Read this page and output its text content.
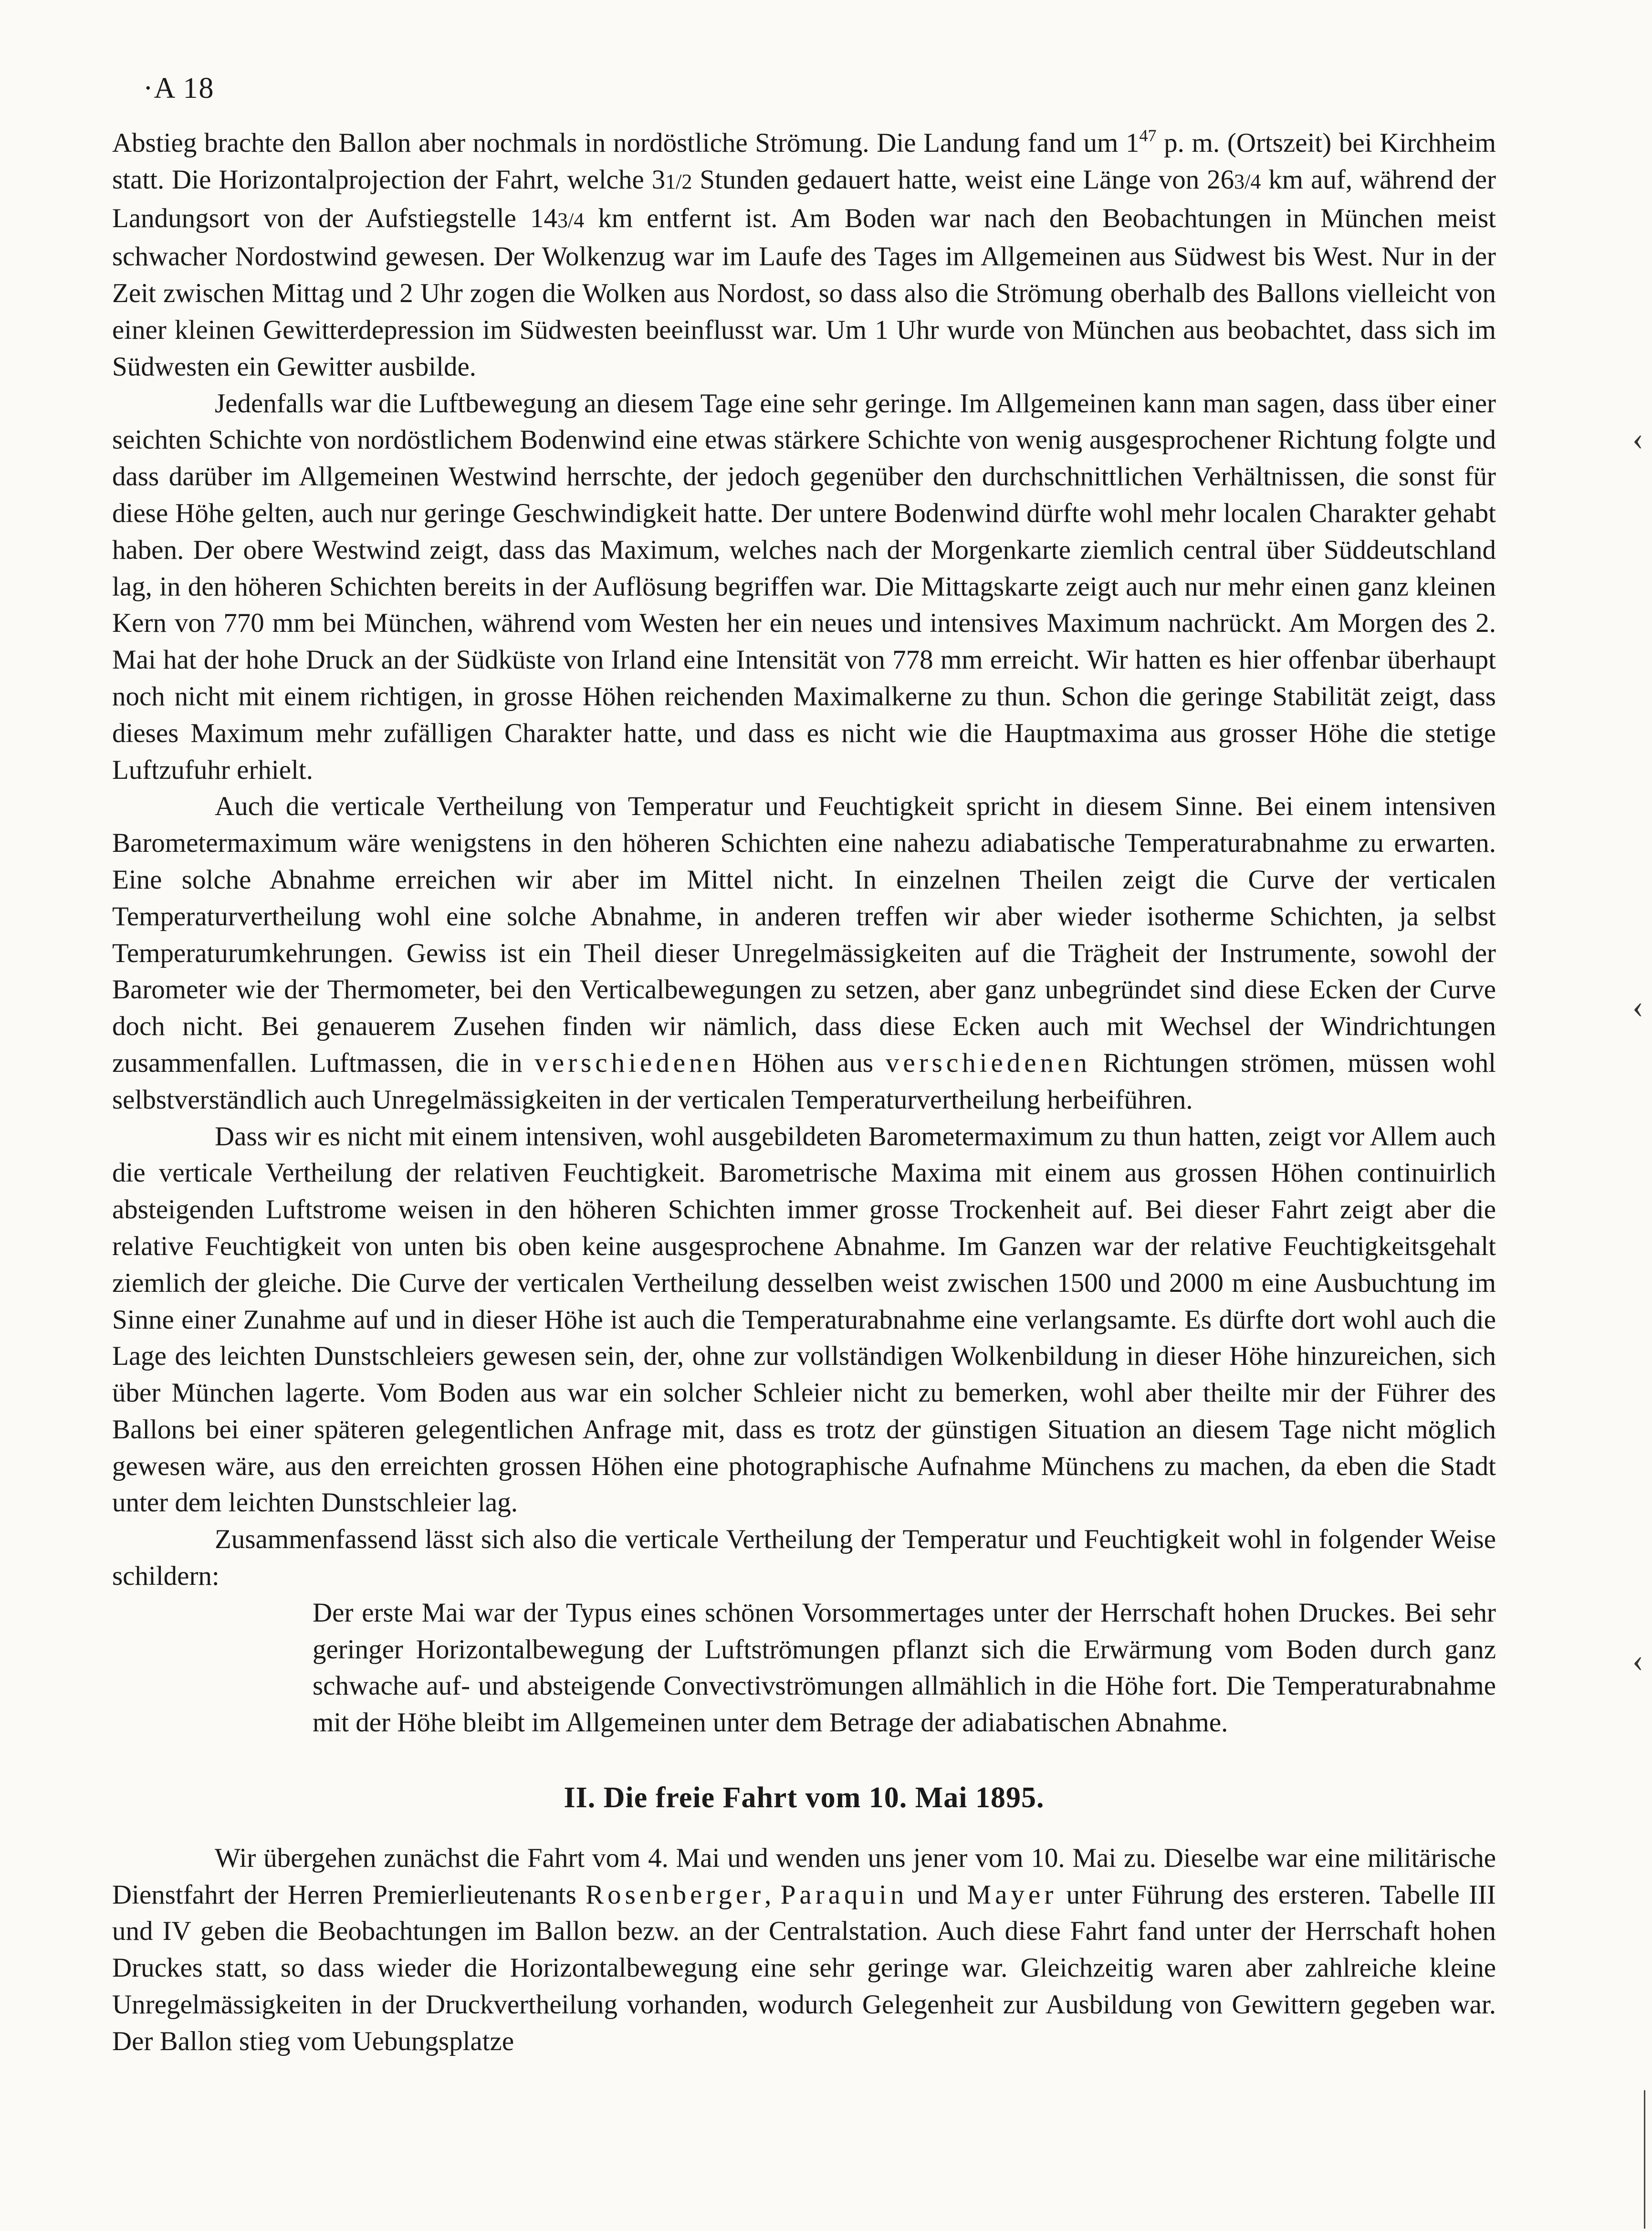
·A 18

Abstieg brachte den Ballon aber nochmals in nordöstliche Strömung. Die Landung fand um $1^{47}$ p. m. (Ortszeit) bei Kirchheim statt. Die Horizontalprojection der Fahrt, welche 31/2 Stunden gedauert hatte, weist eine Länge von 263/4 km auf, während der Landungsort von der Aufstiegstelle 143/4 km entfernt ist. Am Boden war nach den Beobachtungen in München meist schwacher Nordostwind gewesen. Der Wolkenzug war im Laufe des Tages im Allgemeinen aus Südwest bis West. Nur in der Zeit zwischen Mittag und 2 Uhr zogen die Wolken aus Nordost, so dass also die Strömung oberhalb des Ballons vielleicht von einer kleinen Gewitterdepression im Südwesten beeinflusst war. Um 1 Uhr wurde von München aus beobachtet, dass sich im Südwesten ein Gewitter ausbilde.

Jedenfalls war die Luftbewegung an diesem Tage eine sehr geringe. Im Allgemeinen kann man sagen, dass über einer seichten Schichte von nordöstlichem Bodenwind eine etwas stärkere Schichte von wenig ausgesprochener Richtung folgte und dass darüber im Allgemeinen Westwind herrschte, der jedoch gegenüber den durchschnittlichen Verhältnissen, die sonst für diese Höhe gelten, auch nur geringe Geschwindigkeit hatte. Der untere Bodenwind dürfte wohl mehr localen Charakter gehabt haben. Der obere Westwind zeigt, dass das Maximum, welches nach der Morgenkarte ziemlich central über Süddeutschland lag, in den höheren Schichten bereits in der Auflösung begriffen war. Die Mittagskarte zeigt auch nur mehr einen ganz kleinen Kern von 770 mm bei München, während vom Westen her ein neues und intensives Maximum nachrückt. Am Morgen des 2. Mai hat der hohe Druck an der Südküste von Irland eine Intensität von 778 mm erreicht. Wir hatten es hier offenbar überhaupt noch nicht mit einem richtigen, in grosse Höhen reichenden Maximalkerne zu thun. Schon die geringe Stabilität zeigt, dass dieses Maximum mehr zufälligen Charakter hatte, und dass es nicht wie die Hauptmaxima aus grosser Höhe die stetige Luftzufuhr erhielt.

Auch die verticale Vertheilung von Temperatur und Feuchtigkeit spricht in diesem Sinne. Bei einem intensiven Barometermaximum wäre wenigstens in den höheren Schichten eine nahezu adiabatische Temperaturabnahme zu erwarten. Eine solche Abnahme erreichen wir aber im Mittel nicht. In einzelnen Theilen zeigt die Curve der verticalen Temperaturvertheilung wohl eine solche Abnahme, in anderen treffen wir aber wieder isotherme Schichten, ja selbst Temperaturumkehrungen. Gewiss ist ein Theil dieser Unregelmässigkeiten auf die Trägheit der Instrumente, sowohl der Barometer wie der Thermometer, bei den Verticalbewegungen zu setzen, aber ganz unbegründet sind diese Ecken der Curve doch nicht. Bei genauerem Zusehen finden wir nämlich, dass diese Ecken auch mit Wechsel der Windrichtungen zusammenfallen. Luftmassen, die in verschiedenen Höhen aus verschiedenen Richtungen strömen, müssen wohl selbstverständlich auch Unregelmässigkeiten in der verticalen Temperaturvertheilung herbeiführen.

Dass wir es nicht mit einem intensiven, wohl ausgebildeten Barometermaximum zu thun hatten, zeigt vor Allem auch die verticale Vertheilung der relativen Feuchtigkeit. Barometrische Maxima mit einem aus grossen Höhen continuirlich absteigenden Luftstrome weisen in den höheren Schichten immer grosse Trockenheit auf. Bei dieser Fahrt zeigt aber die relative Feuchtigkeit von unten bis oben keine ausgesprochene Abnahme. Im Ganzen war der relative Feuchtigkeitsgehalt ziemlich der gleiche. Die Curve der verticalen Vertheilung desselben weist zwischen 1500 und 2000 m eine Ausbuchtung im Sinne einer Zunahme auf und in dieser Höhe ist auch die Temperaturabnahme eine verlangsamte. Es dürfte dort wohl auch die Lage des leichten Dunstschleiers gewesen sein, der, ohne zur vollständigen Wolkenbildung in dieser Höhe hinzureichen, sich über München lagerte. Vom Boden aus war ein solcher Schleier nicht zu bemerken, wohl aber theilte mir der Führer des Ballons bei einer späteren gelegentlichen Anfrage mit, dass es trotz der günstigen Situation an diesem Tage nicht möglich gewesen wäre, aus den erreichten grossen Höhen eine photographische Aufnahme Münchens zu machen, da eben die Stadt unter dem leichten Dunstschleier lag.

Zusammenfassend lässt sich also die verticale Vertheilung der Temperatur und Feuchtigkeit wohl in folgender Weise schildern:

Der erste Mai war der Typus eines schönen Vorsommertages unter der Herrschaft hohen Druckes. Bei sehr geringer Horizontalbewegung der Luftströmungen pflanzt sich die Erwärmung vom Boden durch ganz schwache auf- und absteigende Convectivströmungen allmählich in die Höhe fort. Die Temperaturabnahme mit der Höhe bleibt im Allgemeinen unter dem Betrage der adiabatischen Abnahme.

II. Die freie Fahrt vom 10. Mai 1895.

Wir übergehen zunächst die Fahrt vom 4. Mai und wenden uns jener vom 10. Mai zu. Dieselbe war eine militärische Dienstfahrt der Herren Premierlieutenants Rosenberger, Paraquin und Mayer unter Führung des ersteren. Tabelle III und IV geben die Beobachtungen im Ballon bezw. an der Centralstation. Auch diese Fahrt fand unter der Herrschaft hohen Druckes statt, so dass wieder die Horizontalbewegung eine sehr geringe war. Gleichzeitig waren aber zahlreiche kleine Unregelmässigkeiten in der Druckvertheilung vorhanden, wodurch Gelegenheit zur Ausbildung von Gewittern gegeben war. Der Ballon stieg vom Uebungsplatze

‹
‹
‹
